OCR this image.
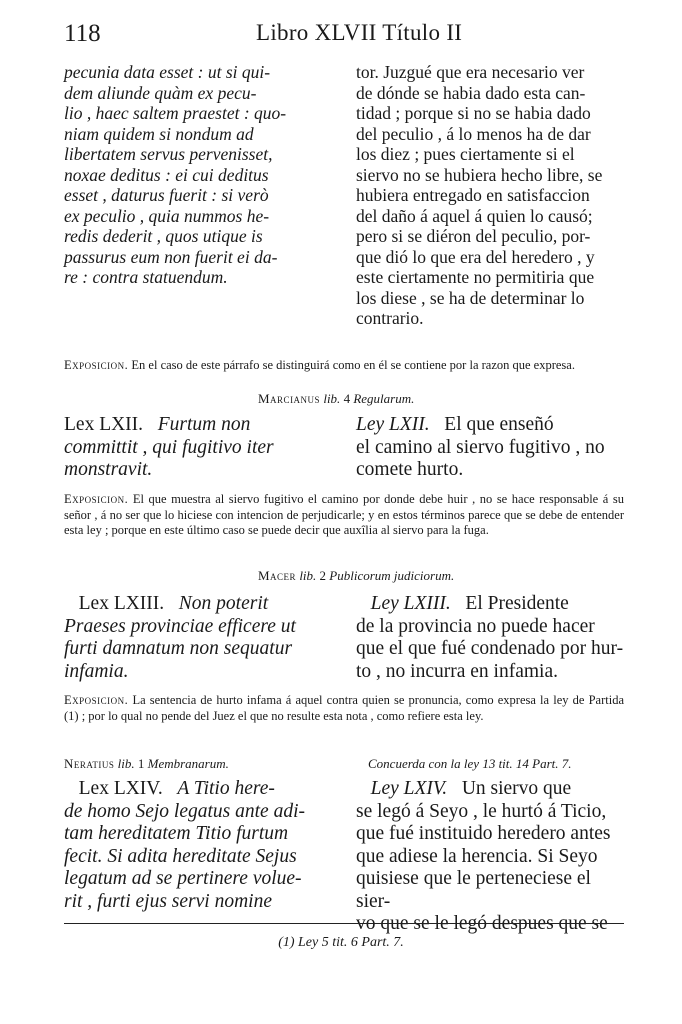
118	Libro XLVII Título II

pecunia data esset : ut si qui-

dem aliunde quàm ex pecu-

lio , haec saltem praestet : quo-

niam quidem si nondum ad

libertatem servus pervenisset,

noxae deditus : ei cui deditus

esset , daturus fuerit : si verò

ex peculio , quia nummos he-

redis dederit , quos utique is

passurus eum non fuerit ei da-

re : contra statuendum.

tor. Juzgué que era necesario ver

de dónde se habia dado esta can-

tidad ; porque si no se habia dado

del peculio , á lo menos ha de dar

los diez ; pues ciertamente si el

siervo no se hubiera hecho libre, se

hubiera entregado en satisfaccion

del daño á aquel á quien lo causó;

pero si se diéron del peculio, por-

que dió lo que era del heredero , y

este ciertamente no permitiria que

los diese , se ha de determinar lo

contrario.

Exposicion. En el caso de este párrafo se distinguirá como en él se contiene por la razon que expresa.
Marcianus lib. 4 Regularum.

Lex LXII. Furtum non

committit , qui fugitivo iter

monstravit.

Ley LXII. El que enseñó

el camino al siervo fugitivo , no

comete hurto.

Exposicion. El que muestra al siervo fugitivo el camino por donde debe huir , no se hace responsable á su señor , á no ser que lo hiciese con intencion de perjudicarle; y en estos términos parece que se debe de entender esta ley ; porque en este último caso se puede decir que auxîlia al siervo para la fuga.
Macer lib. 2 Publicorum judiciorum.

Lex LXIII. Non poterit

Praeses provinciae efficere ut

furti damnatum non sequatur

infamia.

Ley LXIII. El Presidente

de la provincia no puede hacer

que el que fué condenado por hur-

to , no incurra en infamia.

Exposicion. La sentencia de hurto infama á aquel contra quien se pronuncia, como expresa la ley de Partida (1) ; por lo qual no pende del Juez el que no resulte esta nota , como refiere esta ley.
Neratius lib. 1 Membranarum.	Concuerda con la ley 13 tit. 14 Part. 7.

Lex LXIV. A Titio here-

de homo Sejo legatus ante adi-

tam hereditatem Titio furtum

fecit. Si adita hereditate Sejus

legatum ad se pertinere volue-

rit , furti ejus servi nomine

Ley LXIV. Un siervo que

se legó á Seyo , le hurtó á Ticio,

que fué instituido heredero antes

que adiese la herencia. Si Seyo

quisiese que le perteneciese el sier-

vo que se le legó despues que se

(1) Ley 5 tit. 6 Part. 7.
